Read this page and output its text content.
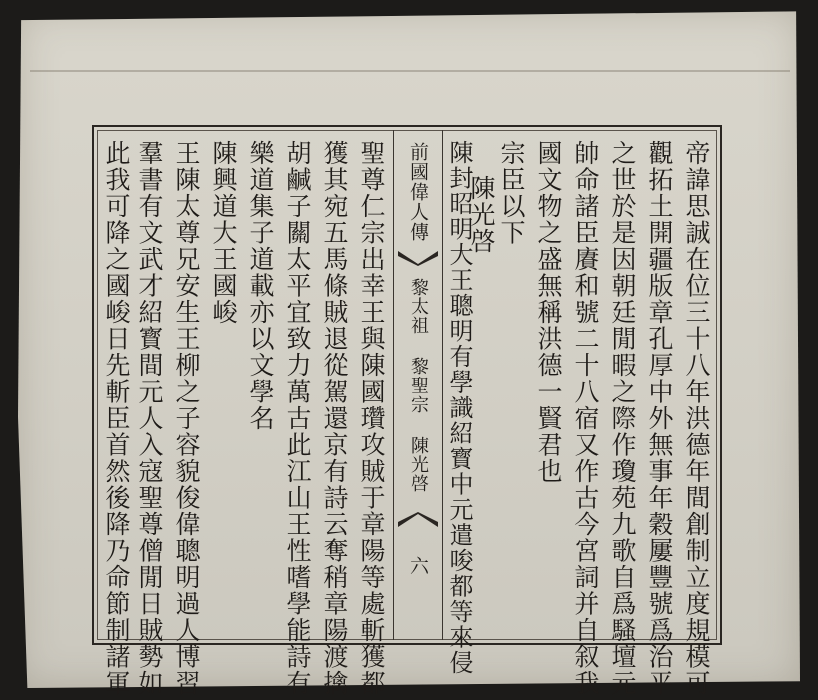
帝諱思誠在位三十八年洪德年間創制立度規模可
觀拓土開疆版章孔厚中外無事年穀屢豐號爲治平
之世於是因朝廷閒暇之際作瓊苑九歌自爲騷壇元
帥命諸臣賡和號二十八宿又作古今宮詞并自叙我
國文物之盛無稱洪德一賢君也
宗臣以下
陳光啓
陳封昭明大王聰明有學識紹寳中元遣唆都等來侵
前國偉人傳
黎太祖 黎聖宗 陳光啓
六
聖尊仁宗出幸王與陳國瓚攻賊于章陽等處斬獲都
獲其宛五馬條賊退從駕還京有詩云奪稍章陽渡擒
胡鹹子關太平宜致力萬古此江山王性嗜學能詩有
樂道集子道載亦以文學名
陳興道大王國峻
王陳太尊兄安生王柳之子容貌俊偉聰明過人博習
羣書有文武才紹寳間元人入寇聖尊僧閒日賊勢如
此我可降之國峻日先斬臣首然後降乃命節制諸軍
